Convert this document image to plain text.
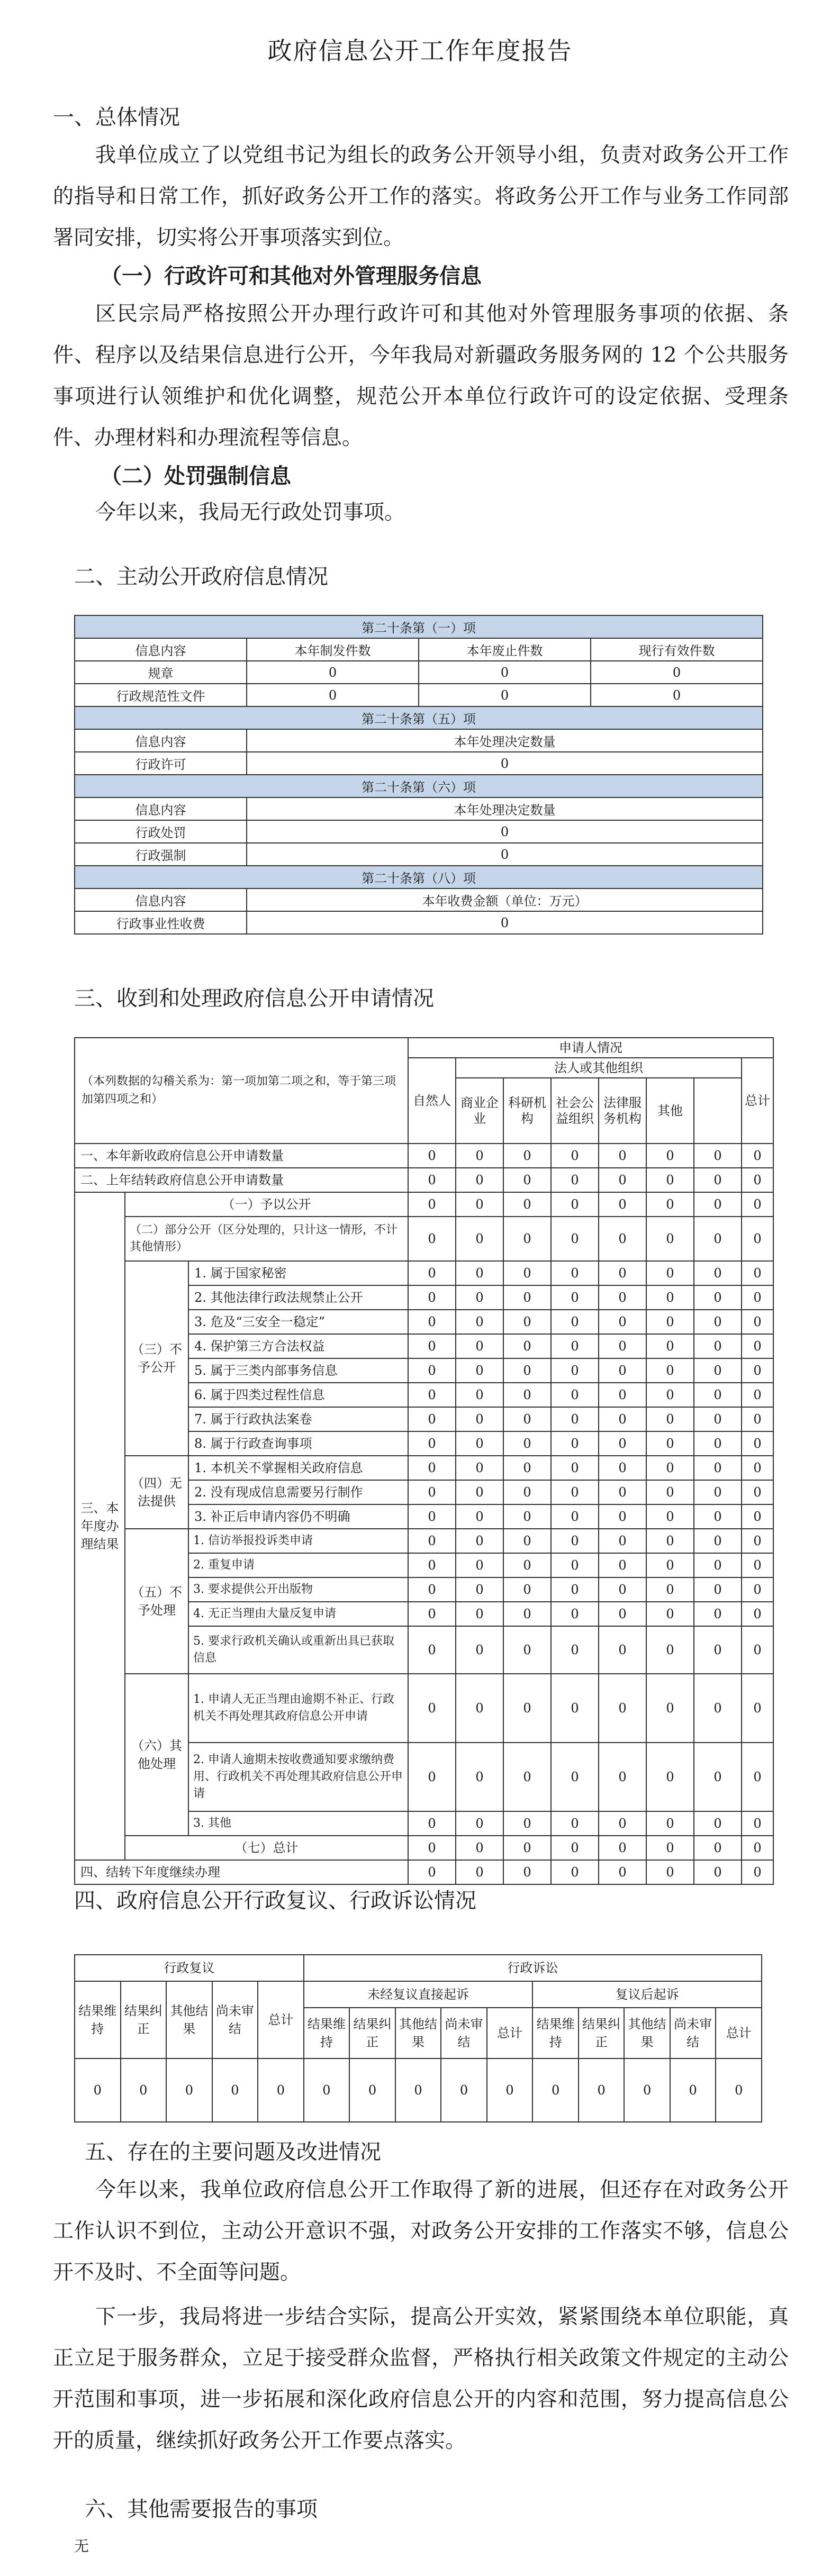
政府信息公开工作年度报告
一、总体情况
我单位成立了以党组书记为组长的政务公开领导小组，负责对政务公开工作的指导和日常工作，抓好政务公开工作的落实。将政务公开工作与业务工作同部署同安排，切实将公开事项落实到位。
（一）行政许可和其他对外管理服务信息
区民宗局严格按照公开办理行政许可和其他对外管理服务事项的依据、条件、程序以及结果信息进行公开，今年我局对新疆政务服务网的 12 个公共服务事项进行认领维护和优化调整，规范公开本单位行政许可的设定依据、受理条件、办理材料和办理流程等信息。
（二）处罚强制信息
今年以来，我局无行政处罚事项。
二、主动公开政府信息情况
第二十条第（一）项			
信息内容	本年制发件数	本年废止件数	现行有效件数
规章	0	0	0
行政规范性文件	0	0	0
第二十条第（五）项			
信息内容	本年处理决定数量		
行政许可	0		
第二十条第（六）项			
信息内容	本年处理决定数量		
行政处罚	0		
行政强制	0		
第二十条第（八）项			
信息内容	本年收费金额（单位：万元）		
行政事业性收费	0		
三、收到和处理政府信息公开申请情况
（本列数据的勾稽关系为：第一项加第二项之和，等于第三项加第四项之和）			申请人情况							
			自然人	法人或其他组织						总计
				商业企业	科研机构	社会公益组织	法律服务机构	其他		
一、本年新收政府信息公开申请数量			0	0	0	0	0	0	0	0
二、上年结转政府信息公开申请数量			0	0	0	0	0	0	0	0
三、本年度办理结果	（一）予以公开		0	0	0	0	0	0	0	0
	（二）部分公开（区分处理的，只计这一情形，不计其他情形）		0	0	0	0	0	0	0	0
	（三）不予公开	1. 属于国家秘密	0	0	0	0	0	0	0	0
		2. 其他法律行政法规禁止公开	0	0	0	0	0	0	0	0
		3. 危及“三安全一稳定”	0	0	0	0	0	0	0	0
		4. 保护第三方合法权益	0	0	0	0	0	0	0	0
		5. 属于三类内部事务信息	0	0	0	0	0	0	0	0
		6. 属于四类过程性信息	0	0	0	0	0	0	0	0
		7. 属于行政执法案卷	0	0	0	0	0	0	0	0
		8. 属于行政查询事项	0	0	0	0	0	0	0	0
	（四）无法提供	1. 本机关不掌握相关政府信息	0	0	0	0	0	0	0	0
		2. 没有现成信息需要另行制作	0	0	0	0	0	0	0	0
		3. 补正后申请内容仍不明确	0	0	0	0	0	0	0	0
	（五）不予处理	1. 信访举报投诉类申请	0	0	0	0	0	0	0	0
		2. 重复申请	0	0	0	0	0	0	0	0
		3. 要求提供公开出版物	0	0	0	0	0	0	0	0
		4. 无正当理由大量反复申请	0	0	0	0	0	0	0	0
		5. 要求行政机关确认或重新出具已获取信息	0	0	0	0	0	0	0	0
	（六）其他处理	1. 申请人无正当理由逾期不补正、行政机关不再处理其政府信息公开申请	0	0	0	0	0	0	0	0
		2. 申请人逾期未按收费通知要求缴纳费用、行政机关不再处理其政府信息公开申请	0	0	0	0	0	0	0	0
		3. 其他	0	0	0	0	0	0	0	0
	（七）总计		0	0	0	0	0	0	0	0
四、结转下年度继续办理			0	0	0	0	0	0	0	0
四、政府信息公开行政复议、行政诉讼情况
行政复议					行政诉讼									
结果维持	结果纠正	其他结果	尚未审结	总计	未经复议直接起诉					复议后起诉				
					结果维持	结果纠正	其他结果	尚未审结	总计	结果维持	结果纠正	其他结果	尚未审结	总计
0	0	0	0	0	0	0	0	0	0	0	0	0	0	0
五、存在的主要问题及改进情况
今年以来，我单位政府信息公开工作取得了新的进展，但还存在对政务公开工作认识不到位，主动公开意识不强，对政务公开安排的工作落实不够，信息公开不及时、不全面等问题。
下一步，我局将进一步结合实际，提高公开实效，紧紧围绕本单位职能，真正立足于服务群众，立足于接受群众监督，严格执行相关政策文件规定的主动公开范围和事项，进一步拓展和深化政府信息公开的内容和范围，努力提高信息公开的质量，继续抓好政务公开工作要点落实。
六、其他需要报告的事项
无
